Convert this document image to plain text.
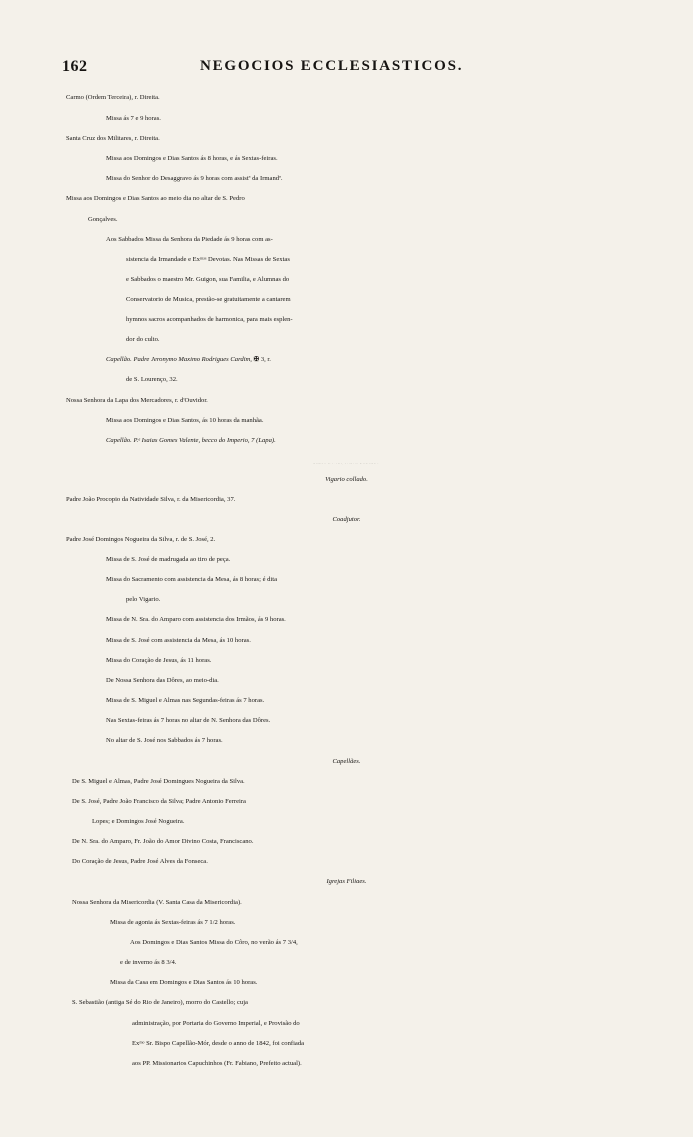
162	NEGOCIOS ECCLESIASTICOS.
Carmo (Ordem Terceira), r. Direita.
Missa ás 7 e 9 horas.
Santa Cruz dos Militares, r. Direita.
Missa aos Domingos e Dias Santos ás 8 horas, e ás Sextas-feiras.
Missa do Senhor do Desaggravo ás 9 horas com assistª da Irmandª.
Missa aos Domingos e Dias Santos ao meio dia no altar de S. Pedro
Gonçalves.
Aos Sabbados Missa da Senhora da Piedade ás 9 horas com as-
sistencia da Irmandade e Exᵐᵃˢ Devotas. Nas Missas de Sextas
e Sabbados o maestro Mr. Guigon, sua Familia, e Alumnas do
Conservatorio de Musica, prestão-se gratuitamente a cantarem
hymnos sacros acompanhados de harmonica, para mais esplen-
dor do culto.
Capellão. Padre Jeronymo Maximo Rodrigues Cardim, ✠ 3, r.
de S. Lourenço, 32.
Nossa Senhora da Lapa dos Mercadores, r. d'Ouvidor.
Missa aos Domingos e Dias Santos, ás 10 horas da manhãa.
Capellão. P.ᵉ Isaias Gomes Valente, becco do Imperio, 7 (Lapa).
Vigario collado.
Padre João Procopio da Natividade Silva, r. da Misericordia, 37.
Coadjutor.
Padre José Domingos Nogueira da Silva, r. de S. José, 2.
Missa de S. José de madrugada ao tiro de peça.
Missa do Sacramento com assistencia da Mesa, ás 8 horas; é dita
pelo Vigario.
Missa de N. Sra. do Amparo com assistencia dos Irmãos, ás 9 horas.
Missa de S. José com assistencia da Mesa, ás 10 horas.
Missa do Coração de Jesus, ás 11 horas.
De Nossa Senhora das Dôres, ao meio-dia.
Missa de S. Miguel e Almas nas Segundas-feiras ás 7 horas.
Nas Sextas-feiras ás 7 horas no altar de N. Senhora das Dôres.
No altar de S. José nos Sabbados ás 7 horas.
Capellães.
De S. Miguel e Almas, Padre José Domingues Nogueira da Silva.
De S. José, Padre João Francisco da Silva; Padre Antonio Ferreira
Lopes; e Domingos José Nogueira.
De N. Sra. do Amparo, Fr. João do Amor Divino Costa, Franciscano.
Do Coração de Jesus, Padre José Alves da Fonseca.
Igrejas Filiaes.
Nossa Senhora da Misericordia (V. Santa Casa da Misericordia).
Missa de agonia ás Sextas-feiras ás 7 1/2 horas.
Aos Domingos e Dias Santos Missa do Côro, no verão ás 7 3/4,
e de inverno ás 8 3/4.
Missa da Casa em Domingos e Dias Santos ás 10 horas.
S. Sebastião (antiga Sé do Rio de Janeiro), morro do Castello; cuja
administração, por Portaria do Governo Imperial, e Provisão do
Exᵐᵒ Sr. Bispo Capellão-Mór, desde o anno de 1842, foi confiada
aos PP. Missionarios Capuchinhos (Fr. Fabiano, Prefeito actual).
